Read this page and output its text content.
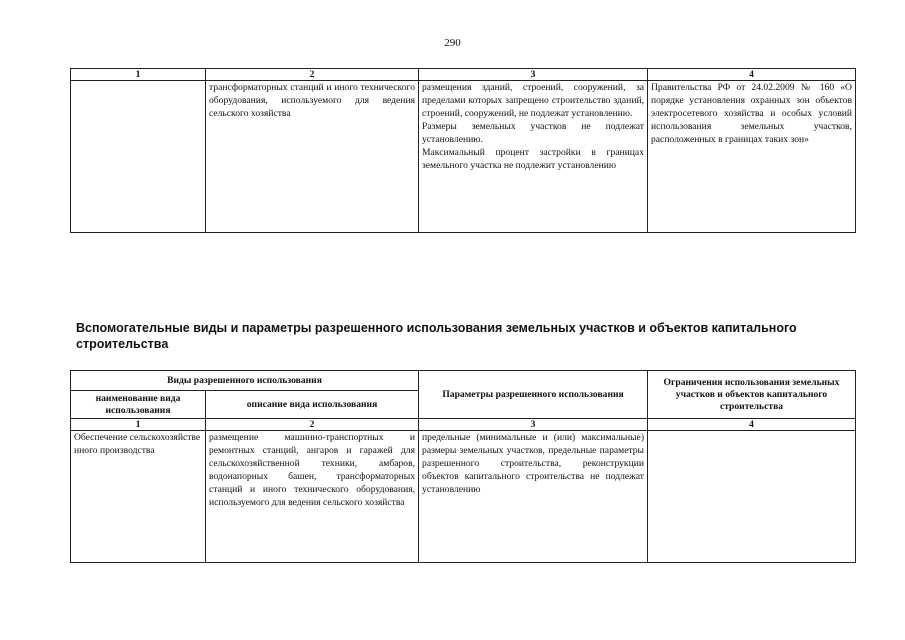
290
1	2	3	4
	трансформаторных станций и иного технического оборудования, используемого для ведения сельского хозяйства	размещения зданий, строений, сооружений, за пределами которых запрещено строительство зданий, строений, сооружений, не подлежат установлению.
Размеры земельных участков не подлежат установлению.
Максимальный процент застройки в границах земельного участка не подлежит установлению	Правительства РФ от 24.02.2009 № 160 «О порядке установления охранных зон объектов электросетевого хозяйства и особых условий использования земельных участков, расположенных в границах таких зон»
Вспомогательные виды и параметры разрешенного использования земельных участков и объектов капитального строительства
Виды разрешенного использования		Параметры разрешенного использования	Ограничения использования земельных участков и объектов капитального строительства
наименование вида использования	описание вида использования		
1	2	3	4
Обеспечение сельскохозяйственного производства	размещение машинно-транспортных и ремонтных станций, ангаров и гаражей для сельскохозяйственной техники, амбаров, водонапорных башен, трансформаторных станций и иного технического оборудования, используемого для ведения сельского хозяйства	предельные (минимальные и (или) максимальные) размеры земельных участков, предельные параметры разрешенного строительства, реконструкции объектов капитального строительства не подлежат установлению	
